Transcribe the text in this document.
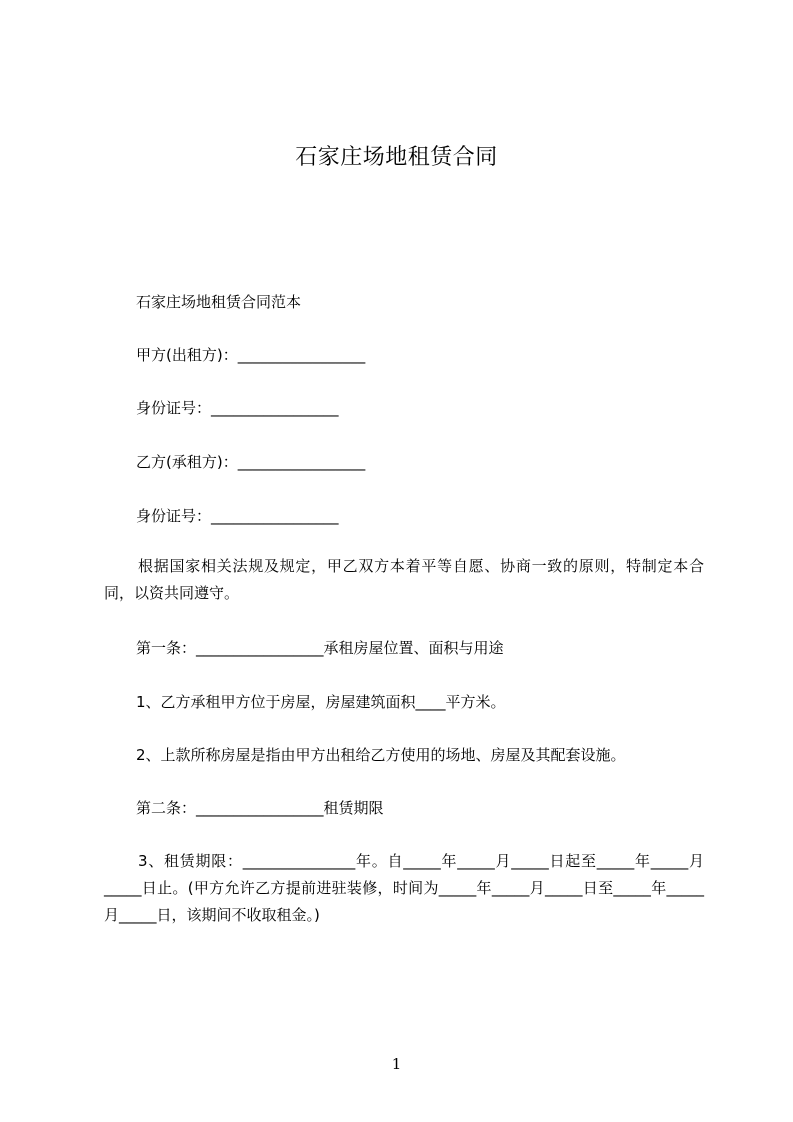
石家庄场地租赁合同
石家庄场地租赁合同范本
甲方(出租方)：_________________
身份证号：_________________
乙方(承租方)：_________________
身份证号：_________________
根据国家相关法规及规定，甲乙双方本着平等自愿、协商一致的原则，特制定本合同，以资共同遵守。
第一条：_________________承租房屋位置、面积与用途
1、乙方承租甲方位于房屋，房屋建筑面积____平方米。
2、上款所称房屋是指由甲方出租给乙方使用的场地、房屋及其配套设施。
第二条：_________________租赁期限
3、租赁期限：_______________年。自_____年_____月_____日起至_____年_____月_____日止。(甲方允许乙方提前进驻装修，时间为_____年_____月_____日至_____年_____月_____日，该期间不收取租金。)
1
